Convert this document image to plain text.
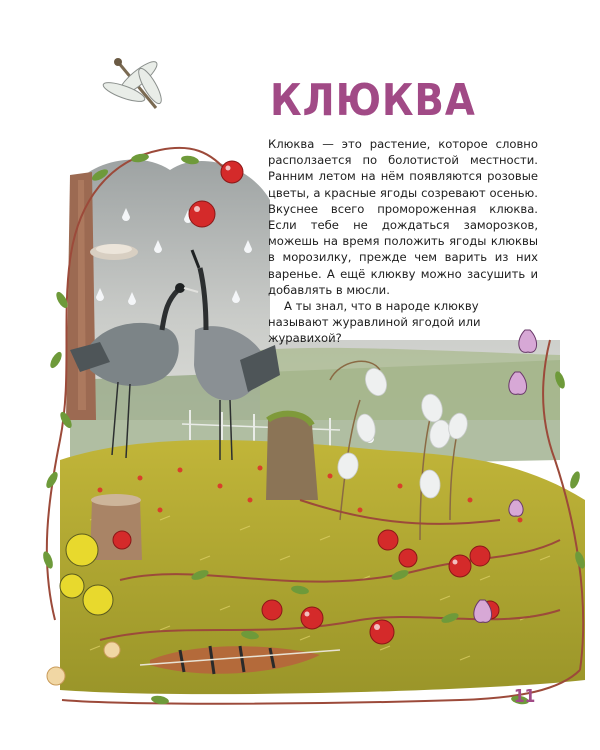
КЛЮКВА

Клюква — это растение, которое словно расползается по болотистой местности. Ранним летом на нём появляются розовые цветы, а красные ягоды созревают осенью. Вкуснее всего промороженная клюква. Если тебе не дождаться заморозков, можешь на время положить ягоды клюквы в морозилку, прежде чем варить из них варенье. А ещё клюкву можно засушить и добавлять в мюсли.

А ты знал, что в народе клюкву называют журавлиной ягодой или журавихой?

11
